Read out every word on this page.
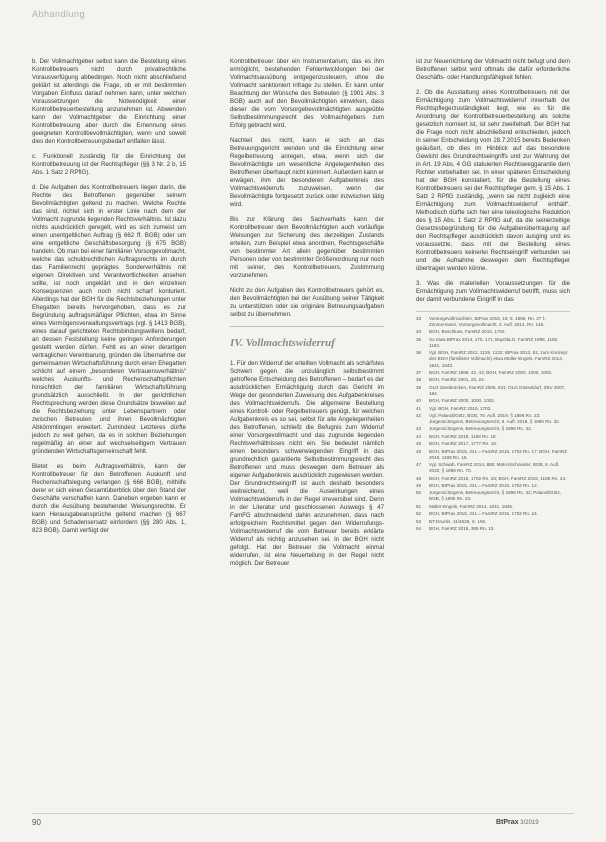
Abhandlung

b. Der Vollmachtgeber selbst kann die Bestellung eines Kontrollbetreuers nicht durch privatrechtliche Vorausverfügung abbedingen. Noch nicht abschließend geklärt ist allerdings die Frage, ob er mit bestimmten Vorgaben Einfluss darauf nehmen kann, unter welchen Voraussetzungen die Notwendigkeit einer Kontrollbetreuerbestellung anzunehmen ist. Abwenden kann der Vollmachtgeber die Einrichtung einer Kontrollbetreuung aber durch die Ernennung eines geeigneten Kontrollbevollmächtigten, wenn und soweit dies den Kontrollbetreuungsbedarf entfallen lässt.

c. Funktionell zuständig für die Einrichtung der Kontrollbetreuung ist der Rechtspfleger (§§ 3 Nr. 2 b, 15 Abs. 1 Satz 2 RPflG).

d. Die Aufgaben des Kontrollbetreuers liegen darin, die Rechte des Betroffenen gegenüber seinem Bevollmächtigten geltend zu machen. Welche Rechte das sind, richtet sich in erster Linie nach dem der Vollmacht zugrunde liegenden Rechtsverhältnis. Ist dazu nichts ausdrücklich geregelt, wird es sich zumeist um einen unentgeltlichen Auftrag (§ 662 ff. BGB) oder um eine entgeltliche Geschäftsbesorgung (§ 675 BGB) handeln. Ob man bei einer familiären Vorsorgevollmacht, welche das schuldrechtlichen Auftragsrechts im durch das Familienrecht geprägtes Sonderverhältnis mit eigenen Direktiven und Verantwortlichkeiten ansehen sollte, ist noch ungeklärt und in den einzelnen Konsequenzen auch noch nicht scharf konturiert. Allerdings hat der BGH für die Rechtsbeziehungen unter Ehegatten bereits hervorgehoben, dass es zur Begründung auftragsmäßiger Pflichten, etwa im Sinne eines Vermögensverwaltungsvertrags (vgl. § 1413 BGB), eines darauf gerichteten Rechtsbindungswillens bedarf, an dessen Feststellung keine geringen Anforderungen gestellt werden dürfen. Fehlt es an einer derartigen vertraglichen Vereinbarung, gründen die Übernahme der gemeinsamen Wirtschaftsführung durch einen Ehegatten schlicht auf einem „besonderen Vertrauensverhältnis“ welches Auskunfts- und Rechenschaftspflichten hinsichtlich der familiären Wirtschaftsführung grundsätzlich ausschließt. In der gerichtlichen Rechtsprechung werden diese Grundsätze bisweilen auf die Rechtsbeziehung unter Lebenspartnern oder zwischen Betreuten und ihren Bevollmächtigten Abkömmlingen erweitert. Zumindest Letzteres dürfte jedoch zu weit gehen, da es in solchen Beziehungen regelmäßig an einer auf wechselseitigem Vertrauen gründenden Wirtschaftsgemeinschaft fehlt.

Bietet es beim Auftragsverhältnis, kann der Kontrollbetreuer für den Betroffenen Auskunft und Rechenschaftslegung verlangen (§ 666 BGB), mithilfe derer er sich einen Gesamtüberblick über den Stand der Geschäfte verschaffen kann. Daneben ergeben kann er durch die Ausübung bestehender Weisungsrechte. Er kann Herausgabeansprüche geltend machen (§ 667 BGB) und Schadensersatz einfordern (§§ 280 Abs. 1, 823 BGB). Damit verfügt der

Kontrollbetreuer über ein Instrumentarium, das es ihm ermöglicht, bestehenden Fehlentwicklungen bei der Vollmachtsausübung entgegenzusteuern, ohne die Vollmacht sanktioniert infrage zu stellen. Er kann unter Beachtung der Wünsche des Betreuten (§ 1901 Abs. 3 BGB) auch auf den Bevollmächtigten einwirken, dass dieser die vom Vorsorgebevollmächtigten ausgeübte Selbstbestimmungsrecht des Vollmachtgebers zum Erfolg gebracht wird.

Nachteil des nicht, kann er sich an das Betreuungsgericht wenden und die Einrichtung einer Regelbetreuung anregen, etwa, wenn sich der Bevollmächtigte um wesentliche Angelegenheiten des Betroffenen überhaupt nicht kümmert. Außerdem kann er erwägen, ihm der besonderen Aufgabenkreis des Vollmachtswiderrufs zuzuweisen, wenn der Bevollmächtigte fortgesetzt zurück oder inzwischen tätig wird.

Bis zur Klärung des Sachverhalts kann der Kontrollbetreuer dem Bevollmächtigten auch vorläufige Weisungen zur Sicherung des derzeitigen Zustands erteilen, zum Beispiel etwa anordnen, Rechtsgeschäfte von bestimmter Art allein gegenüber bestimmten Personen oder von bestimmter Größenordnung nur noch mit seiner, des Kontrollbetreuers, Zustimmung vorzunehmen.

Nicht zu den Aufgaben des Kontrollbetreuers gehört es, den Bevollmächtigten bei der Ausübung seiner Tätigkeit zu unterstützen oder sie originäre Betreuungsaufgaben selbst zu übernehmen.

IV. Vollmachtswiderruf

1. Für den Widerruf der erteilten Vollmacht als schärfstes Schwert gegen die unzulänglich selbstbestimmt getroffene Entscheidung des Betroffenen – bedarf es der ausdrücklichen Ermächtigung durch das Gericht im Wege der gesonderten Zuweisung des Aufgabenkreises des Vollmachtswiderrufs. Die allgemeine Bestellung eines Kontroll- oder Regelbetreuers genügt, für welchen Aufgabenkreis es so sei, selbst für alle Angelegenheiten des Betroffenen, schließt die Befugnis zum Widerruf einer Vorsorgevollmacht und das zugrunde liegenden Rechtsverhältnisses nicht ein. Sie bedeutet nämlich einen besonders schwerwiegenden Eingriff in das grundrechtlich garantierte Selbstbestimmungsrecht des Betroffenen und muss deswegen dem Betreuer als eigener Aufgabenkreis ausdrücklich zugewiesen werden. Der Grundrechtseingriff ist auch deshalb besonders weitreichend, weil die Auswirkungen eines Vollmachtswiderrufs in der Regel irreversibel sind. Denn in der Literatur und geschlossenen Auswegs § 47 FamFG abschneidend dahin anzunehmen, dass nach erfolgreichem Rechtsmittel gegen den Widerrufungs-Vollmachtswiderruf die vom Betreuer bereits erklärte Widerruf als nichtig anzusehen sei. In der BGH nicht gefolgt. Hat der Betreuer die Vollmacht einmal widerrufen, ist eine Neuerteilung in der Regel nicht möglich. Der Betreuer

ist zur Neuerrichtung der Vollmacht nicht befugt und dem Betroffenen selbst wird oftmals die dafür erforderliche Geschäfts- oder Handlungsfähigkeit fehlen.

2. Ob die Ausstattung eines Kontrollbetreuers mit der Ermächtigung zum Vollmachtswiderruf innerhalb der Rechtspflegerzuständigkeit liegt, wie es für die Anordnung der Kontrollbetreuerbestellung als solche gesetzlich normiert ist, ist sehr zweifelhaft. Der BGH hat die Frage noch nicht abschließend entschieden, jedoch in seiner Entscheidung vom 28.7.2015 bereits Bedenken geäußert, ob dies im Hinblick auf das besondere Gewicht des Grundrechtseingriffs und zur Wahrung der in Art. 19 Abs. 4 GG statuierten Rechtsweggarantie dem Richter vorbehalten sei. In einer späteren Entscheidung hat der BGH konstatiert, für die Bestellung eines Kontrollbetreuers sei der Rechtspfleger gem. § 15 Abs. 1 Satz 2 RPflG zuständig, „wenn sie nicht zugleich eine Ermächtigung zum Vollmachtswiderruf enthält“. Methodisch dürfte sich hier eine teleologische Reduktion des § 15 Abs. 1 Satz 2 RPflG auf, da die seinerzeitige Gesetzesbegründung für die Aufgabenübertragung auf den Rechtspfleger ausdrücklich davon ausging und es voraussetzte, dass mit der Bestellung eines Kontrollbetreuers keinerlei Rechtseingriff verbunden sei und die Aufnahme deswegen dem Rechtspfleger übertragen werden könne.

3. Was die materiellen Voraussetzungen für die Ermächtigung zum Vollmachtswiderruf betrifft, muss sich der damit verbundene Eingriff in das

33	Vorsorgevollmachten, BtPrax 2015, 16; 8. 1998, Rn. 27 f.; Zimmermann, Vorsorgevollmacht, 2. Aufl. 2014, Rn. 146.
34	BGH, Beschluss, FamRZ 2015, 1702.
35	So etwa BtPrax 2014, 170, 171; BayObLG, FamRZ 1998, 1192, 1193.
36	Vgl. BGH, FamRZ 2012, 1129, 1132; BtPrax 2013, 51; zum Konzept des BGH (familiärer Vollmacht) etwa Müller-Engels, FamRZ 2014, 1841, 1843.
37	BGH, FamRZ 1988, 42, 43; BGH, FamRZ 2000, 1000, 1002.
38	BGH, FamRZ 2001, 23, 24.
39	OLG Zweibrücken, FamRZ 2005, 931; OLG Düsseldorf, ZEV 2007, 184.
40	BGH, FamRZ 2000, 1000, 1002.
41	Vgl. BGH, FamRZ 2015, 1702.
42	Vgl. Palandt/Götz, BGB, 78. Aufl. 2019, § 1896 Rn. 23; Jürgens/Jürgens, Betreuungsrecht, 6. Aufl. 2019, § 1896 Rn. 32.
43	Jürgens/Jürgens, Betreuungsrecht, § 1896 Rn. 32.
44	BGH, FamRZ 2018, 1188 Rn. 18.
45	BGH, FamRZ 2017, 1777 Rn. 16.
46	BGH, BtPrax 2015, 241 = FamRZ 2015, 1702 Rn. 17; BGH, FamRZ 2018, 1188 Rn. 18.
47	Vgl. Schwab, FamRZ 2014, 888; MüKo/Schneider, BGB, 8. Aufl. 2020, § 1896 Rn. 70.
48	BGH, FamRZ 2015, 1702 Rn. 26; BGH, FamRZ 2018, 1188 Rn. 24.
49	BGH, BtPrax 2015, 241 = FamRZ 2015, 1702 Rn. 12.
50	Jürgens/Jürgens, Betreuungsrecht, § 1896 Rn. 32; Palandt/Götz, BGB, § 1896 Rn. 23.
51	Müller-Engels, FamRZ 2014, 1841, 1845.
52	BGH, BtPrax 2015, 241 = FamRZ 2015, 1702 Rn. 24.
53	BT-Drucks. 11/4528, S. 165.
54	BGH, FamRZ 2019, 389 Rn. 13.
90	BtPrax 3/2019
